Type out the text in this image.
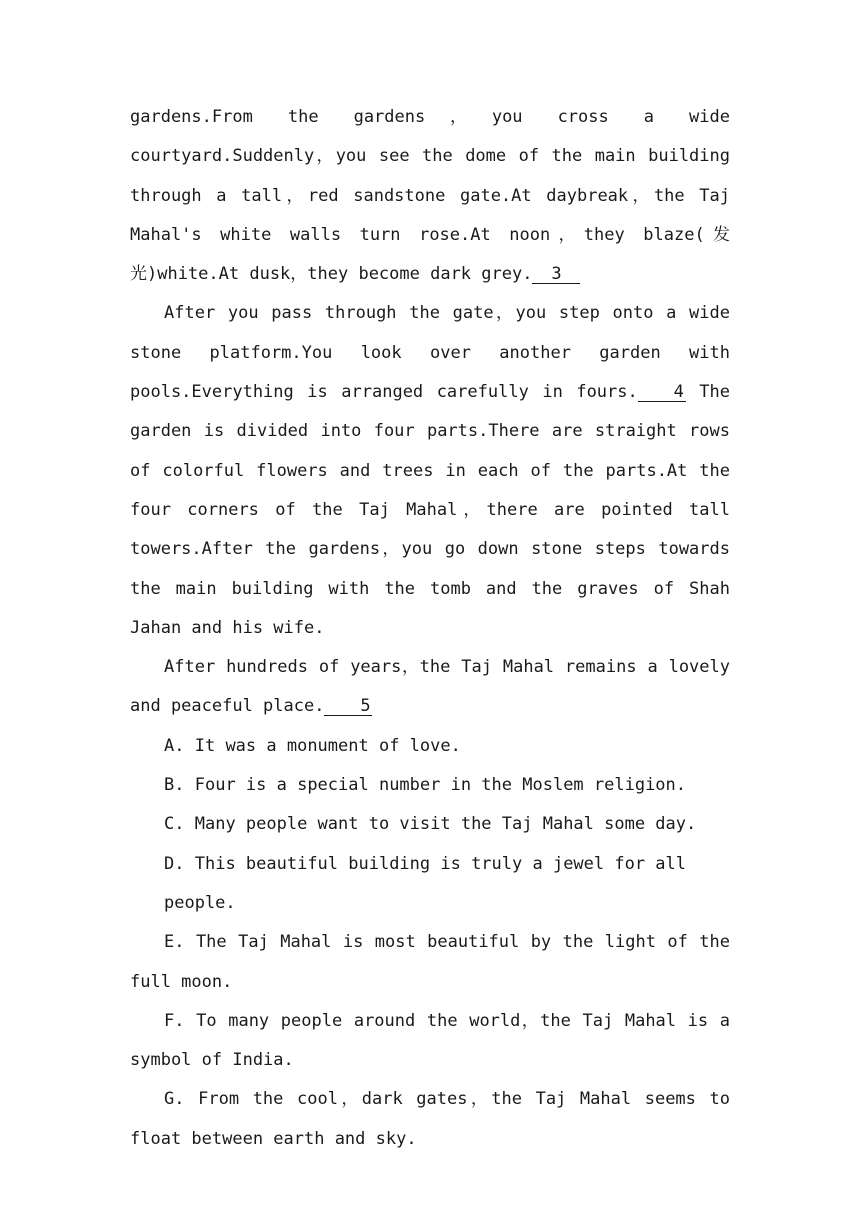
gardens.From the gardens，you cross a wide courtyard.Suddenly，you see the dome of the main building through a tall，red sandstone gate.At daybreak，the Taj Mahal's white walls turn rose.At noon，they blaze(发光)white.At dusk，they become dark grey. 3

After you pass through the gate，you step onto a wide stone platform.You look over another garden with pools.Everything is arranged carefully in fours. 4 The garden is divided into four parts.There are straight rows of colorful flowers and trees in each of the parts.At the four corners of the Taj Mahal，there are pointed tall towers.After the gardens，you go down stone steps towards the main building with the tomb and the graves of Shah Jahan and his wife.

After hundreds of years，the Taj Mahal remains a lovely and peaceful place. 5

A. It was a monument of love.

B. Four is a special number in the Moslem religion.

C. Many people want to visit the Taj Mahal some day.

D. This beautiful building is truly a jewel for all people.

E. The Taj Mahal is most beautiful by the light of the full moon.

F. To many people around the world，the Taj Mahal is a symbol of India.

G. From the cool，dark gates，the Taj Mahal seems to float between earth and sky.
